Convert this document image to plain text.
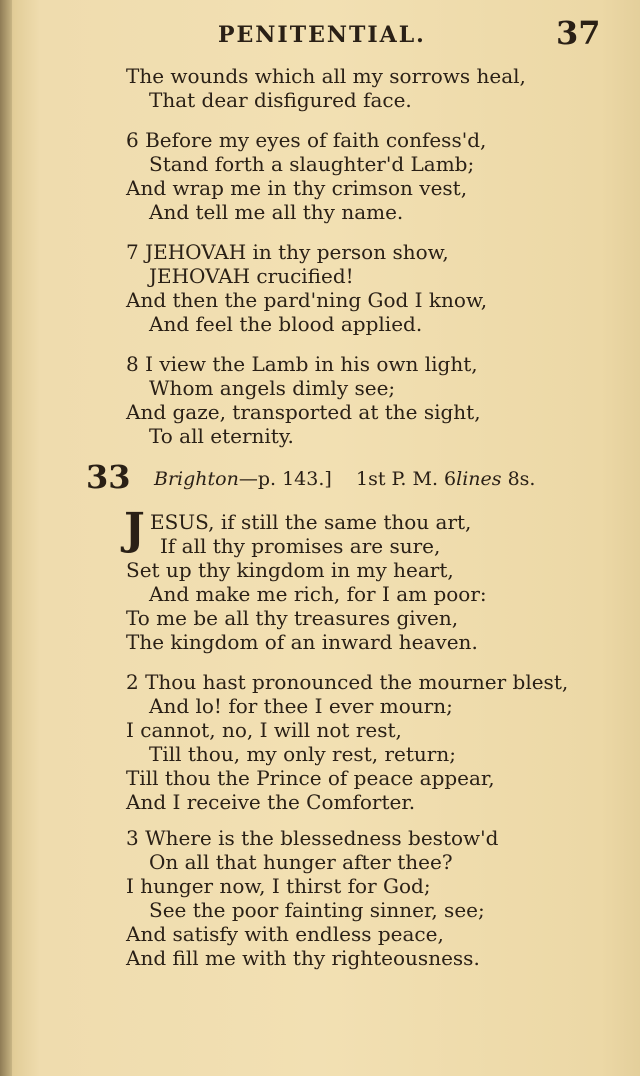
PENITENTIAL.	37
The wounds which all my sorrows heal,
That dear disfigured face.
6 Before my eyes of faith confess'd,
Stand forth a slaughter'd Lamb;
And wrap me in thy crimson vest,
And tell me all thy name.
7 JEHOVAH in thy person show,
JEHOVAH crucified!
And then the pard'ning God I know,
And feel the blood applied.
8 I view the Lamb in his own light,
Whom angels dimly see;
And gaze, transported at the sight,
To all eternity.
33 Brighton—p. 143.] 1st P. M. 6lines 8s.
J ESUS, if still the same thou art,
If all thy promises are sure,
Set up thy kingdom in my heart,
And make me rich, for I am poor:
To me be all thy treasures given,
The kingdom of an inward heaven.
2 Thou hast pronounced the mourner blest,
And lo! for thee I ever mourn;
I cannot, no, I will not rest,
Till thou, my only rest, return;
Till thou the Prince of peace appear,
And I receive the Comforter.
3 Where is the blessedness bestow'd
On all that hunger after thee?
I hunger now, I thirst for God;
See the poor fainting sinner, see;
And satisfy with endless peace,
And fill me with thy righteousness.
